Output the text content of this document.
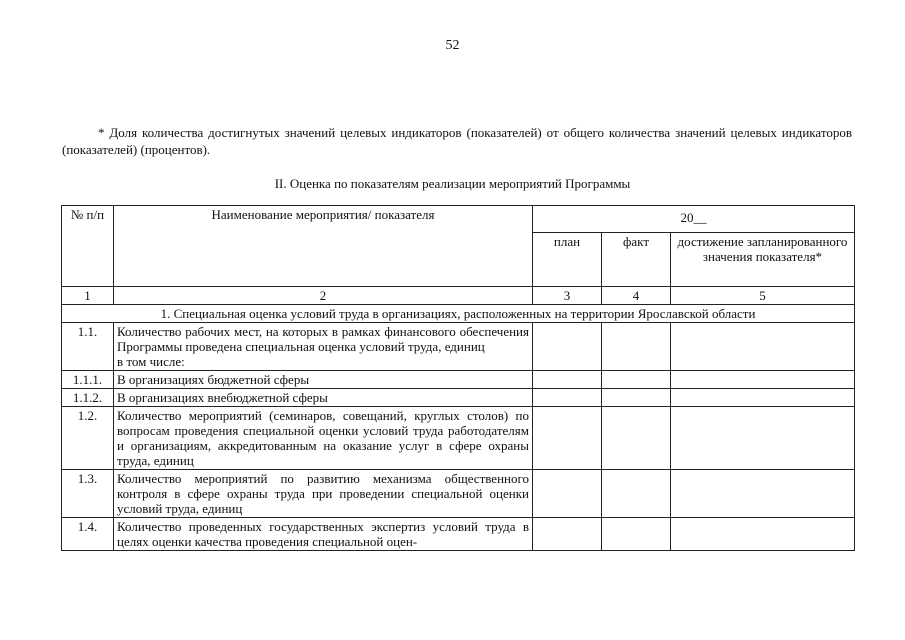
52
* Доля количества достигнутых значений целевых индикаторов (показателей) от общего количества значений целевых индикаторов (показателей) (процентов).
II. Оценка по показателям реализации мероприятий Программы
№ п/п	Наименование мероприятия/ показателя	20__		
		план	факт	достижение запланированного значения показателя*
1	2	3	4	5
1. Специальная оценка условий труда в организациях, расположенных на территории Ярославской области				
1.1.	Количество рабочих мест, на которых в рамках финансового обеспечения Программы проведена специальная оценка условий труда, единиц
в том числе:			
1.1.1.	В организациях бюджетной сферы			
1.1.2.	В организациях внебюджетной сферы			
1.2.	Количество мероприятий (семинаров, совещаний, круглых столов) по вопросам проведения специальной оценки условий труда работодателям и организациям, аккредитованным на оказание услуг в сфере охраны труда, единиц			
1.3.	Количество мероприятий по развитию механизма общественного контроля в сфере охраны труда при проведении специальной оценки условий труда, единиц			
1.4.	Количество проведенных государственных экспертиз условий труда в целях оценки качества проведения специальной оцен-			
